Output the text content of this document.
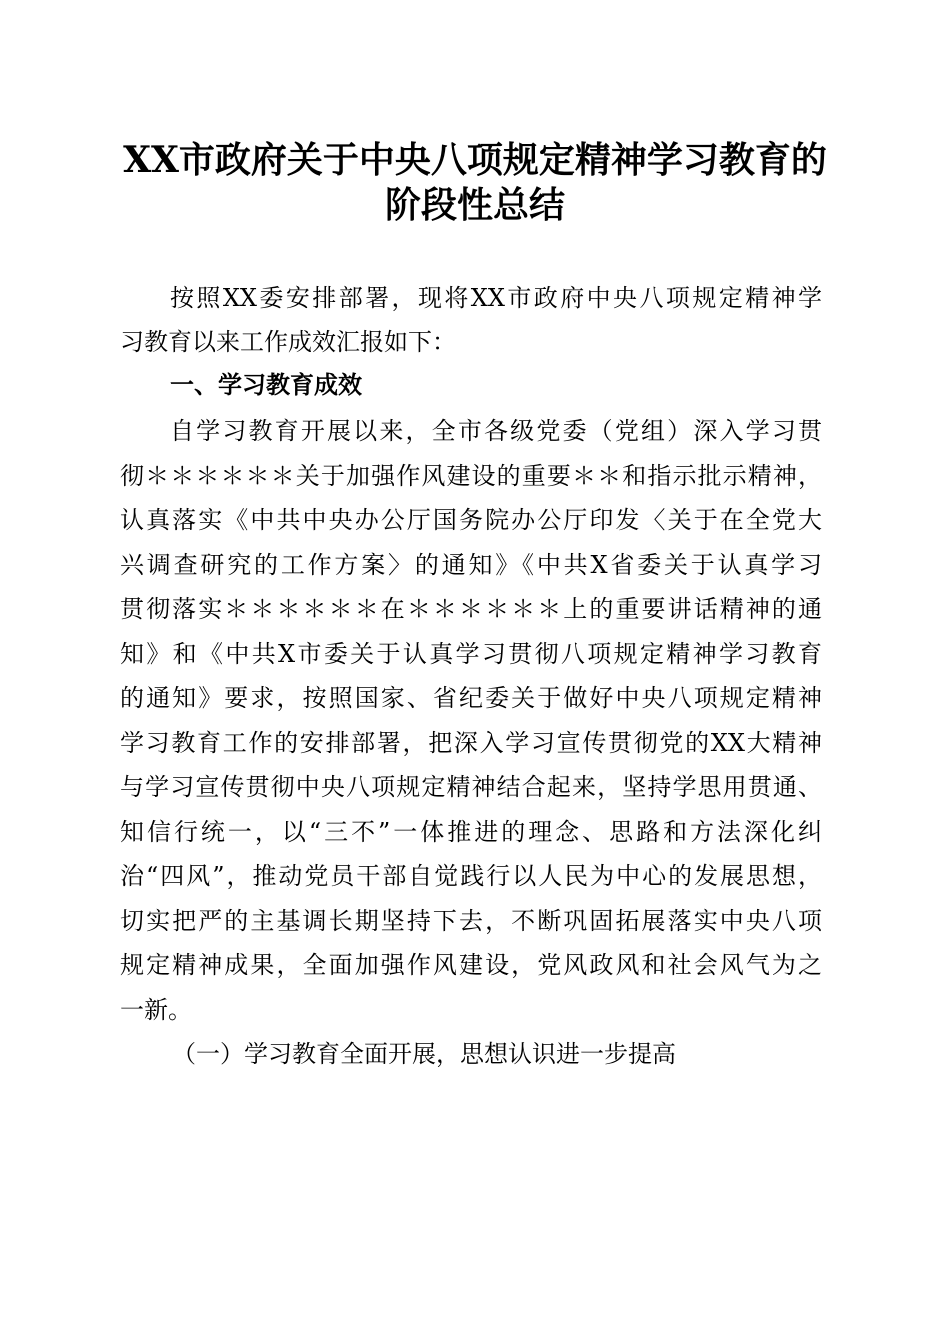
XX市政府关于中央八项规定精神学习教育的
阶段性总结
按照XX委安排部署，现将XX市政府中央八项规定精神学
习教育以来工作成效汇报如下：
一、学习教育成效
自学习教育开展以来，全市各级党委（党组）深入学习贯
彻＊＊＊＊＊＊关于加强作风建设的重要＊＊和指示批示精神，
认真落实《中共中央办公厅国务院办公厅印发〈关于在全党大
兴调查研究的工作方案〉的通知》《中共X省委关于认真学习
贯彻落实＊＊＊＊＊＊在＊＊＊＊＊＊上的重要讲话精神的通
知》和《中共X市委关于认真学习贯彻八项规定精神学习教育
的通知》要求，按照国家、省纪委关于做好中央八项规定精神
学习教育工作的安排部署，把深入学习宣传贯彻党的XX大精神
与学习宣传贯彻中央八项规定精神结合起来，坚持学思用贯通、
知信行统一，以“三不”一体推进的理念、思路和方法深化纠
治“四风”，推动党员干部自觉践行以人民为中心的发展思想，
切实把严的主基调长期坚持下去，不断巩固拓展落实中央八项
规定精神成果，全面加强作风建设，党风政风和社会风气为之
一新。
（一）学习教育全面开展，思想认识进一步提高
